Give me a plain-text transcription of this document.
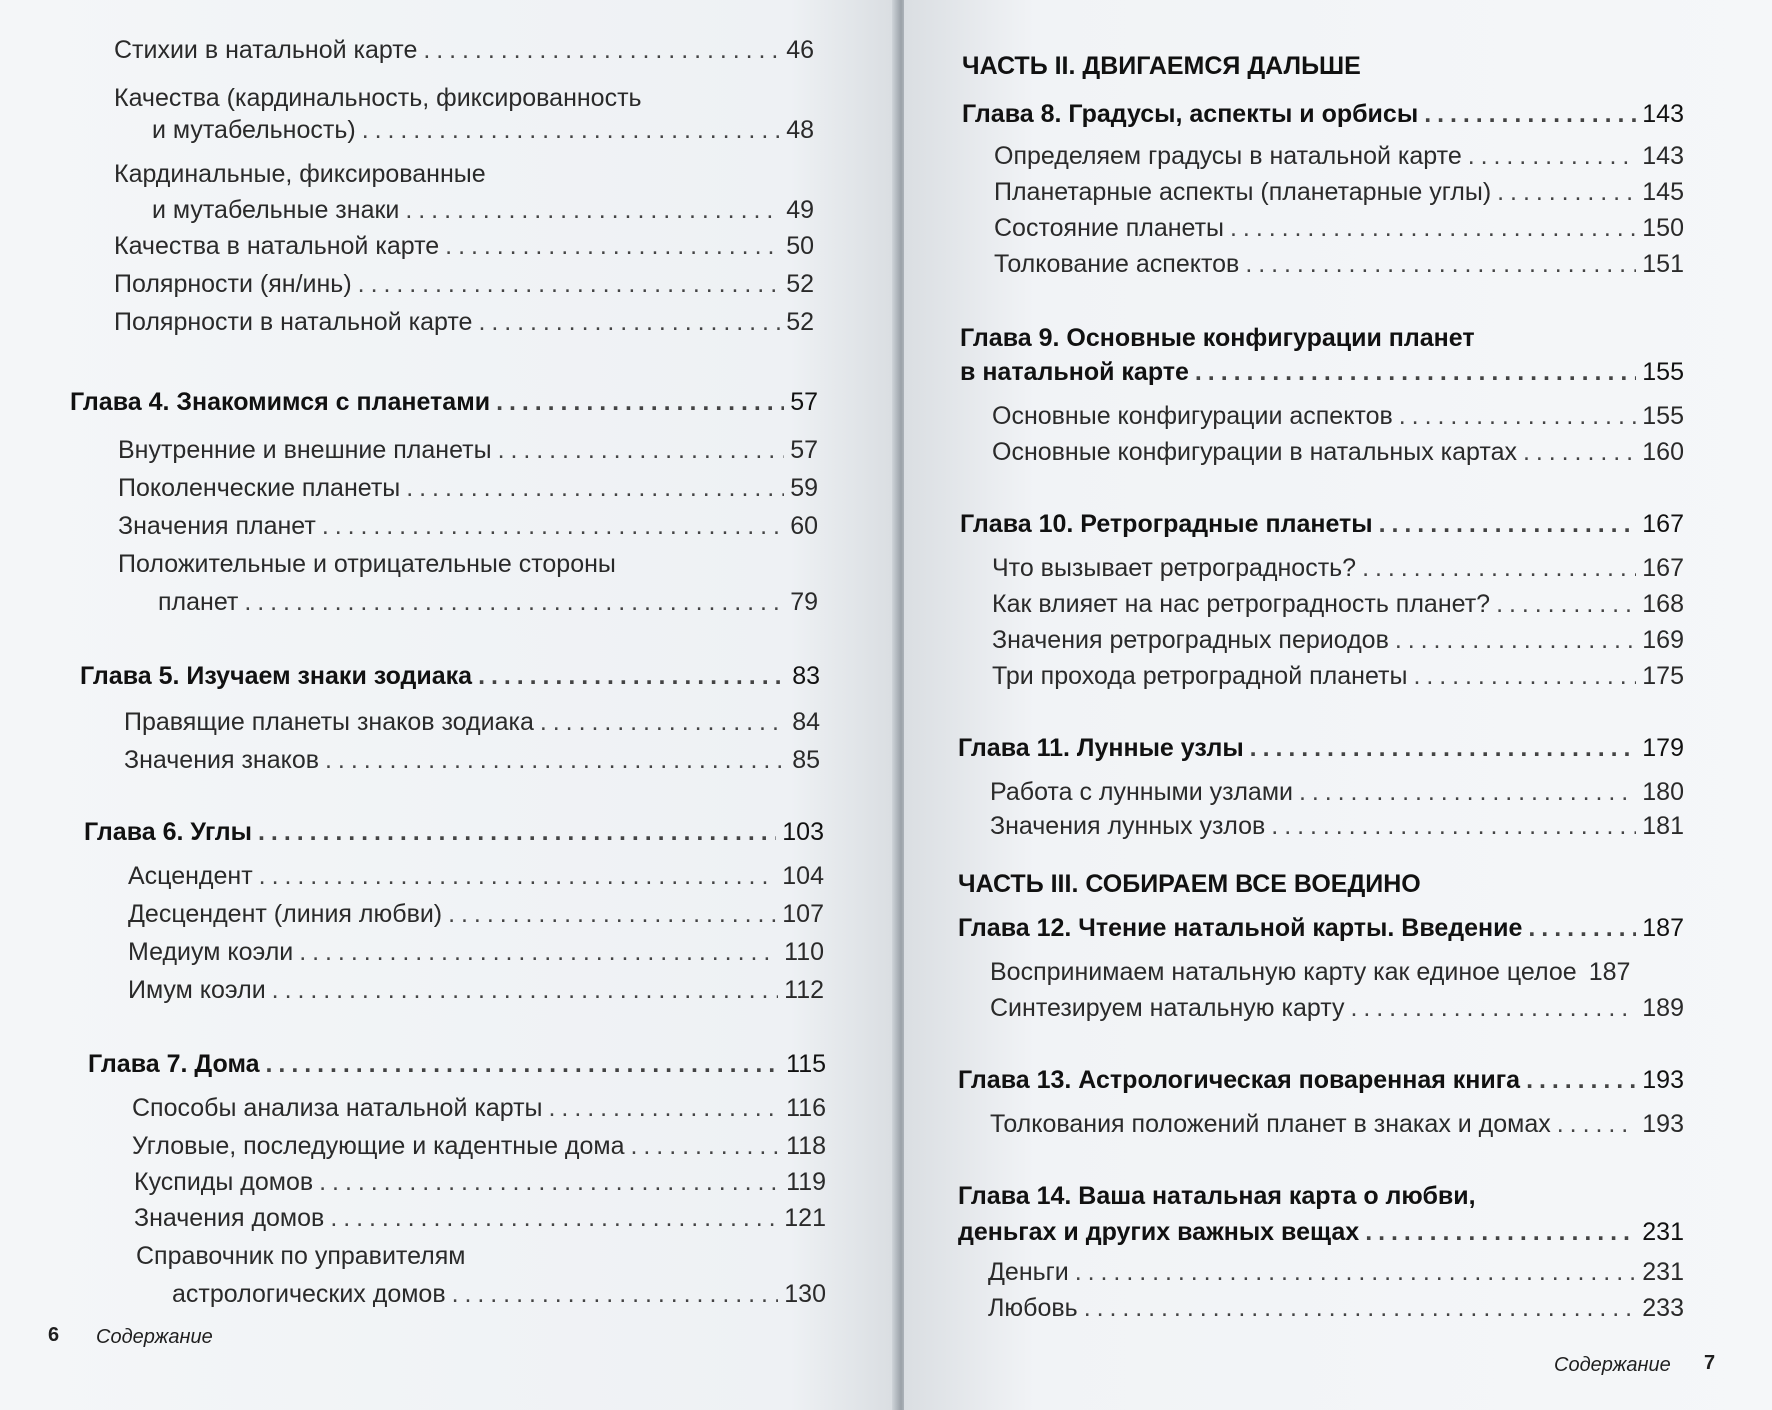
Стихии в натальной карте . . .	46
Качества (кардинальность, фиксированность
и мутабельность) . . .	48
Кардинальные, фиксированные
и мутабельные знаки . . .	49
Качества в натальной карте . . .	50
Полярности (ян/инь) . . .	52
Полярности в натальной карте . . .	52
Глава 4. Знакомимся с планетами . . .	57
Внутренние и внешние планеты . . .	57
Поколенческие планеты . . .	59
Значения планет . . .	60
Положительные и отрицательные стороны
планет . . .	79
Глава 5. Изучаем знаки зодиака . . .	83
Правящие планеты знаков зодиака . . .	84
Значения знаков . . .	85
Глава 6. Углы . . .	103
Асцендент . . .	104
Десцендент (линия любви) . . .	107
Медиум коэли . . .	110
Имум коэли . . .	112
Глава 7. Дома . . .	115
Способы анализа натальной карты . . .	116
Угловые, последующие и кадентные дома . . .	118
Куспиды домов . . .	119
Значения домов . . .	121
Справочник по управителям
астрологических домов . . .	130
6 Содержание
ЧАСТЬ II. ДВИГАЕМСЯ ДАЛЬШЕ
Глава 8. Градусы, аспекты и орбисы . . .	143
Определяем градусы в натальной карте . . .	143
Планетарные аспекты (планетарные углы) . . .	145
Состояние планеты . . .	150
Толкование аспектов . . .	151
Глава 9. Основные конфигурации планет
в натальной карте . . .	155
Основные конфигурации аспектов . . .	155
Основные конфигурации в натальных картах . . .	160
Глава 10. Ретроградные планеты . . .	167
Что вызывает ретроградность? . . .	167
Как влияет на нас ретроградность планет? . . .	168
Значения ретроградных периодов . . .	169
Три прохода ретроградной планеты . . .	175
Глава 11. Лунные узлы . . .	179
Работа с лунными узлами . . .	180
Значения лунных узлов . . .	181
ЧАСТЬ III. СОБИРАЕМ ВСЕ ВОЕДИНО
Глава 12. Чтение натальной карты. Введение . . .	187
Воспринимаем натальную карту как единое целое 187
Синтезируем натальную карту . . .	189
Глава 13. Астрологическая поваренная книга . . .	193
Толкования положений планет в знаках и домах . . .	193
Глава 14. Ваша натальная карта о любви,
деньгах и других важных вещах . . .	231
Деньги . . .	231
Любовь . . .	233
Содержание 7
